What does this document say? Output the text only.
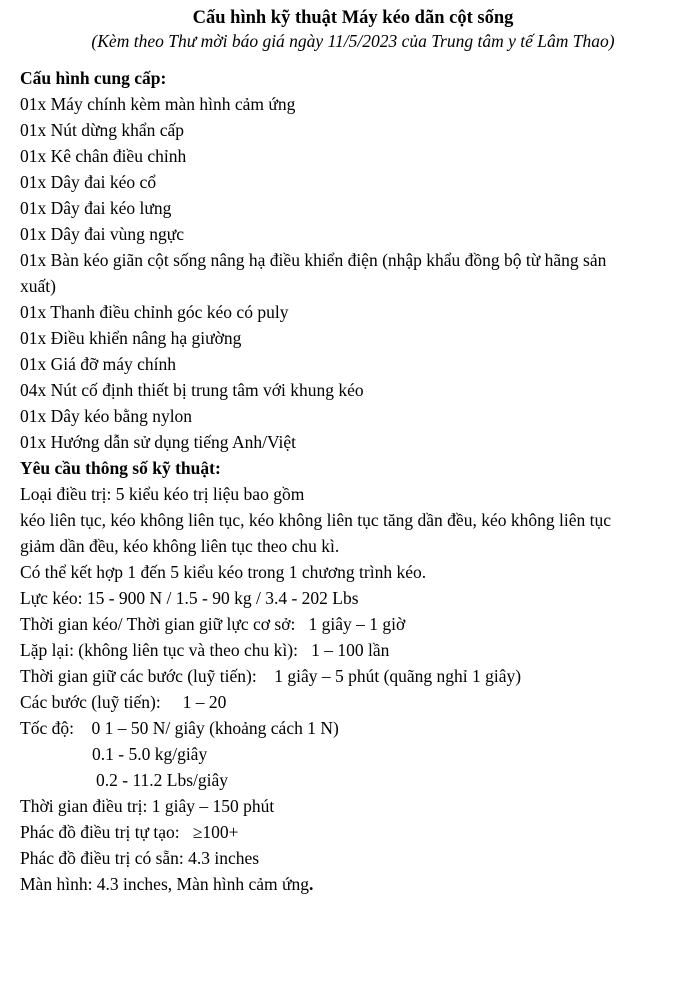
Cấu hình kỹ thuật Máy kéo dãn cột sống

(Kèm theo Thư mời báo giá ngày 11/5/2023 của Trung tâm y tế Lâm Thao)

Cấu hình cung cấp:

01x Máy chính kèm màn hình cảm ứng
01x Nút dừng khẩn cấp
01x Kê chân điều chỉnh
01x Dây đai kéo cổ
01x Dây đai kéo lưng
01x Dây đai vùng ngực
01x Bàn kéo giãn cột sống nâng hạ điều khiển điện (nhập khẩu đồng bộ từ hãng sản
xuất)
01x Thanh điều chỉnh góc kéo có puly
01x Điều khiển nâng hạ giường
01x Giá đỡ máy chính
04x Nút cố định thiết bị trung tâm với khung kéo
01x Dây kéo bằng nylon
01x Hướng dẫn sử dụng tiếng Anh/Việt

Yêu cầu thông số kỹ thuật:

Loại điều trị: 5 kiểu kéo trị liệu bao gồm

kéo liên tục, kéo không liên tục, kéo không liên tục tăng dần đều, kéo không liên tục

giảm dần đều, kéo không liên tục theo chu kì.

Có thể kết hợp 1 đến 5 kiểu kéo trong 1 chương trình kéo.

Lực kéo: 15 - 900 N / 1.5 - 90 kg / 3.4 - 202 Lbs

Thời gian kéo/ Thời gian giữ lực cơ sở:   1 giây – 1 giờ

Lặp lại: (không liên tục và theo chu kì):   1 – 100 lần

Thời gian giữ các bước (luỹ tiến):    1 giây – 5 phút (quãng nghỉ 1 giây)

Các bước (luỹ tiến):     1 – 20

Tốc độ:    0 1 – 50 N/ giây (khoảng cách 1 N)

0.1 - 5.0 kg/giây

0.2 - 11.2 Lbs/giây

Thời gian điều trị: 1 giây – 150 phút

Phác đồ điều trị tự tạo:   ≥100+

Phác đồ điều trị có sẵn: 4.3 inches

Màn hình: 4.3 inches, Màn hình cảm ứng.
